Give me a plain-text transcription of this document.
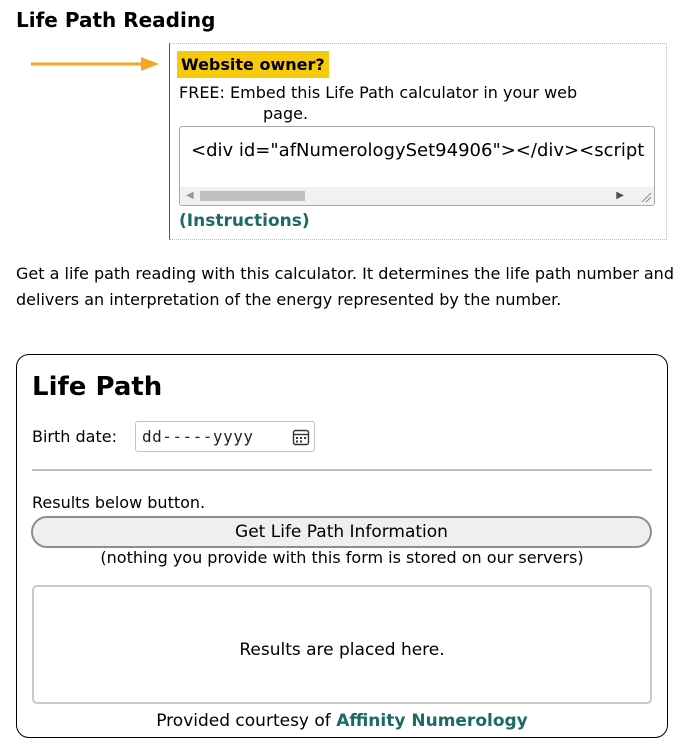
Life Path Reading
Website owner?
FREE: Embed this Life Path calculator in your web
page.
<div id="afNumerologySet94906"></div><script
◀	▶
(Instructions)

Get a life path reading with this calculator. It determines the life path number and delivers an interpretation of the energy represented by the number.

Life Path
Birth date: dd-----yyyy
Results below button.
Get Life Path Information
(nothing you provide with this form is stored on our servers)
Results are placed here.
Provided courtesy of Affinity Numerology
